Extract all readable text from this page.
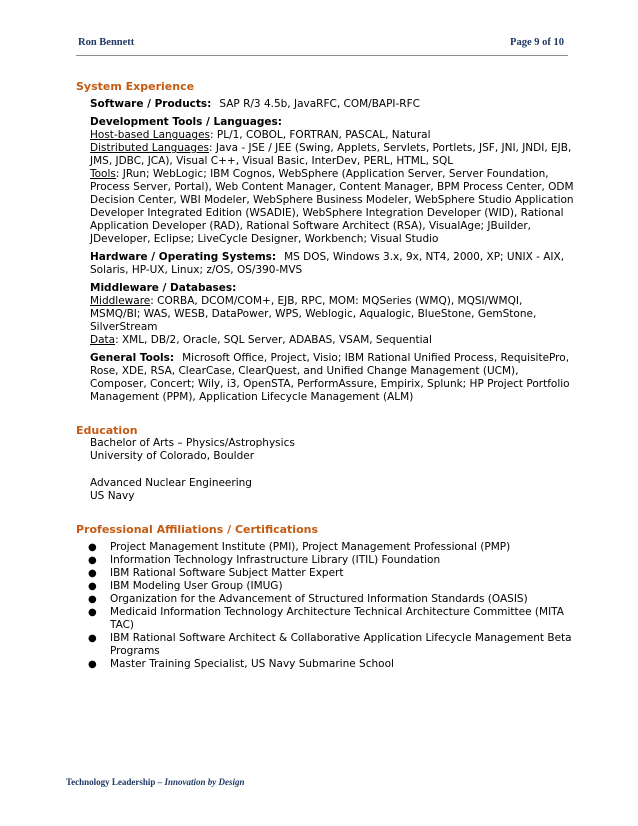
Ron Bennett	Page 9 of 10
System Experience

Software / Products: SAP R/3 4.5b, JavaRFC, COM/BAPI-RFC

Development Tools / Languages:

Host-based Languages: PL/1, COBOL, FORTRAN, PASCAL, Natural

Distributed Languages: Java - JSE / JEE (Swing, Applets, Servlets, Portlets, JSF, JNI, JNDI, EJB, JMS, JDBC, JCA), Visual C++, Visual Basic, InterDev, PERL, HTML, SQL

Tools: JRun; WebLogic; IBM Cognos, WebSphere (Application Server, Server Foundation, Process Server, Portal), Web Content Manager, Content Manager, BPM Process Center, ODM Decision Center, WBI Modeler, WebSphere Business Modeler, WebSphere Studio Application Developer Integrated Edition (WSADIE), WebSphere Integration Developer (WID), Rational Application Developer (RAD), Rational Software Architect (RSA), VisualAge; JBuilder, JDeveloper, Eclipse; LiveCycle Designer, Workbench; Visual Studio

Hardware / Operating Systems: MS DOS, Windows 3.x, 9x, NT4, 2000, XP; UNIX - AIX, Solaris, HP-UX, Linux; z/OS, OS/390-MVS

Middleware / Databases:

Middleware: CORBA, DCOM/COM+, EJB, RPC, MOM: MQSeries (WMQ), MQSI/WMQI, MSMQ/BI; WAS, WESB, DataPower, WPS, Weblogic, Aqualogic, BlueStone, GemStone, SilverStream

Data: XML, DB/2, Oracle, SQL Server, ADABAS, VSAM, Sequential

General Tools: Microsoft Office, Project, Visio; IBM Rational Unified Process, RequisitePro, Rose, XDE, RSA, ClearCase, ClearQuest, and Unified Change Management (UCM), Composer, Concert; Wily, i3, OpenSTA, PerformAssure, Empirix, Splunk; HP Project Portfolio Management (PPM), Application Lifecycle Management (ALM)

Education

Bachelor of Arts – Physics/Astrophysics

University of Colorado, Boulder

Advanced Nuclear Engineering

US Navy

Professional Affiliations / Certifications
● Project Management Institute (PMI), Project Management Professional (PMP)
● Information Technology Infrastructure Library (ITIL) Foundation
● IBM Rational Software Subject Matter Expert
● IBM Modeling User Group (IMUG)
● Organization for the Advancement of Structured Information Standards (OASIS)
● Medicaid Information Technology Architecture Technical Architecture Committee (MITA TAC)
● IBM Rational Software Architect & Collaborative Application Lifecycle Management Beta Programs
● Master Training Specialist, US Navy Submarine School
Technology Leadership – Innovation by Design
